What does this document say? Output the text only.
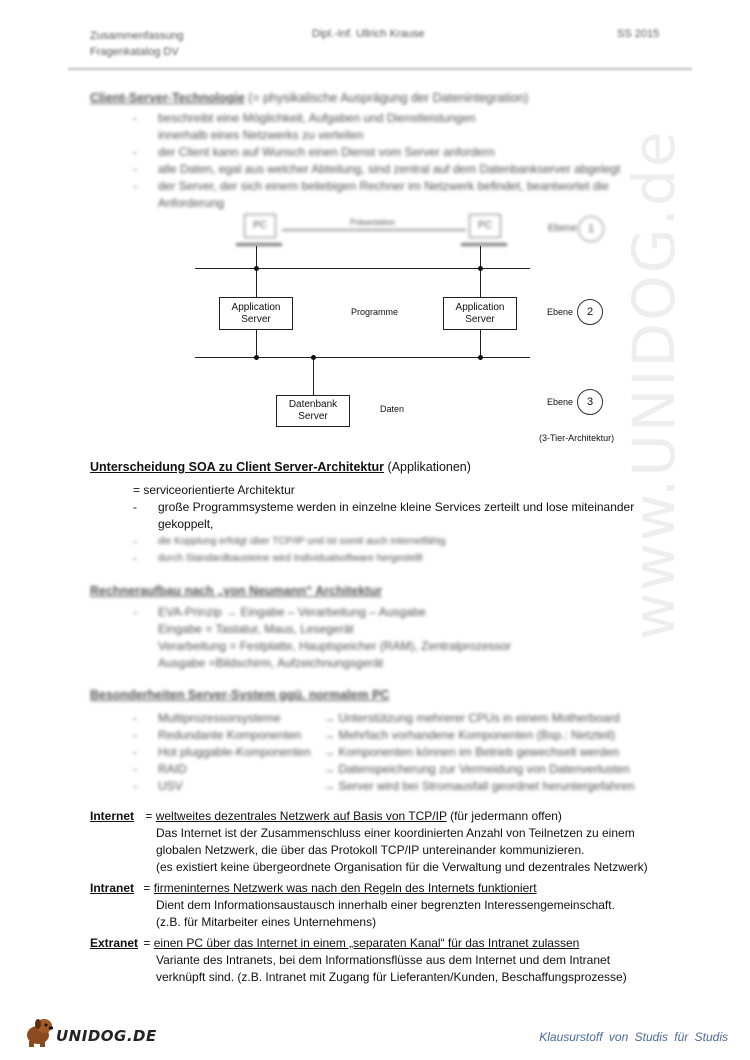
Zusammenfassung
Fragenkatalog DV
Dipl.-Inf. Ullrich Krause	SS 2015
Client-Server-Technologie (= physikalische Ausprägung der Datenintegration)
- beschreibt eine Möglichkeit, Aufgaben und Dienstleistungen
innerhalb eines Netzwerks zu verteilen
- der Client kann auf Wunsch einen Dienst vom Server anfordern
- alle Daten, egal aus welcher Abteilung, sind zentral auf dem Datenbankserver abgelegt
- der Server, der sich einem beliebigen Rechner im Netzwerk befindet, beantwortet die
Anforderung
PC	PC
Präsentation
Ebene 1
Application Server
Application Server
Programme	Ebene 2
Datenbank Server
Daten
Ebene 3
(3-Tier-Architektur)
Unterscheidung SOA zu Client Server-Architektur (Applikationen)
= serviceorientierte Architektur
- große Programmsysteme werden in einzelne kleine Services zerteilt und lose miteinander
gekoppelt,
- die Kopplung erfolgt über TCP/IP und ist somit auch internetfähig
- durch Standardbausteine wird Individualsoftware hergestellt
Rechneraufbau nach „von Neumann“ Architektur
- EVA-Prinzip → Eingabe – Verarbeitung – Ausgabe
Eingabe = Tastatur, Maus, Lesegerät
Verarbeitung = Festplatte, Hauptspeicher (RAM), Zentralprozessor
Ausgabe =Bildschirm, Aufzeichnungsgerät
Besonderheiten Server-System ggü. normalem PC
- Multiprozessorsysteme	→ Unterstützung mehrerer CPUs in einem Motherboard
- Redundante Komponenten → Mehrfach vorhandene Komponenten (Bsp.: Netzteil)
- Hot pluggable-Komponenten → Komponenten können im Betrieb gewechselt werden
- RAID	→ Datenspeicherung zur Vermeidung von Datenverlusten
- USV	→ Server wird bei Stromausfall geordnet heruntergefahren
Internet = weltweites dezentrales Netzwerk auf Basis von TCP/IP (für jedermann offen)
Das Internet ist der Zusammenschluss einer koordinierten Anzahl von Teilnetzen zu einem
globalen Netzwerk, die über das Protokoll TCP/IP untereinander kommunizieren.
(es existiert keine übergeordnete Organisation für die Verwaltung und dezentrales Netzwerk)
Intranet = firmeninternes Netzwerk was nach den Regeln des Internets funktioniert
Dient dem Informationsaustausch innerhalb einer begrenzten Interessengemeinschaft.
(z.B. für Mitarbeiter eines Unternehmens)
Extranet = einen PC über das Internet in einem „separaten Kanal“ für das Intranet zulassen
Variante des Intranets, bei dem Informationsflüsse aus dem Internet und dem Intranet
verknüpft sind. (z.B. Intranet mit Zugang für Lieferanten/Kunden, Beschaffungsprozesse)
www.UNIDOG.de
UNIDOG.DE	Klausurstoff von Studis für Studis
